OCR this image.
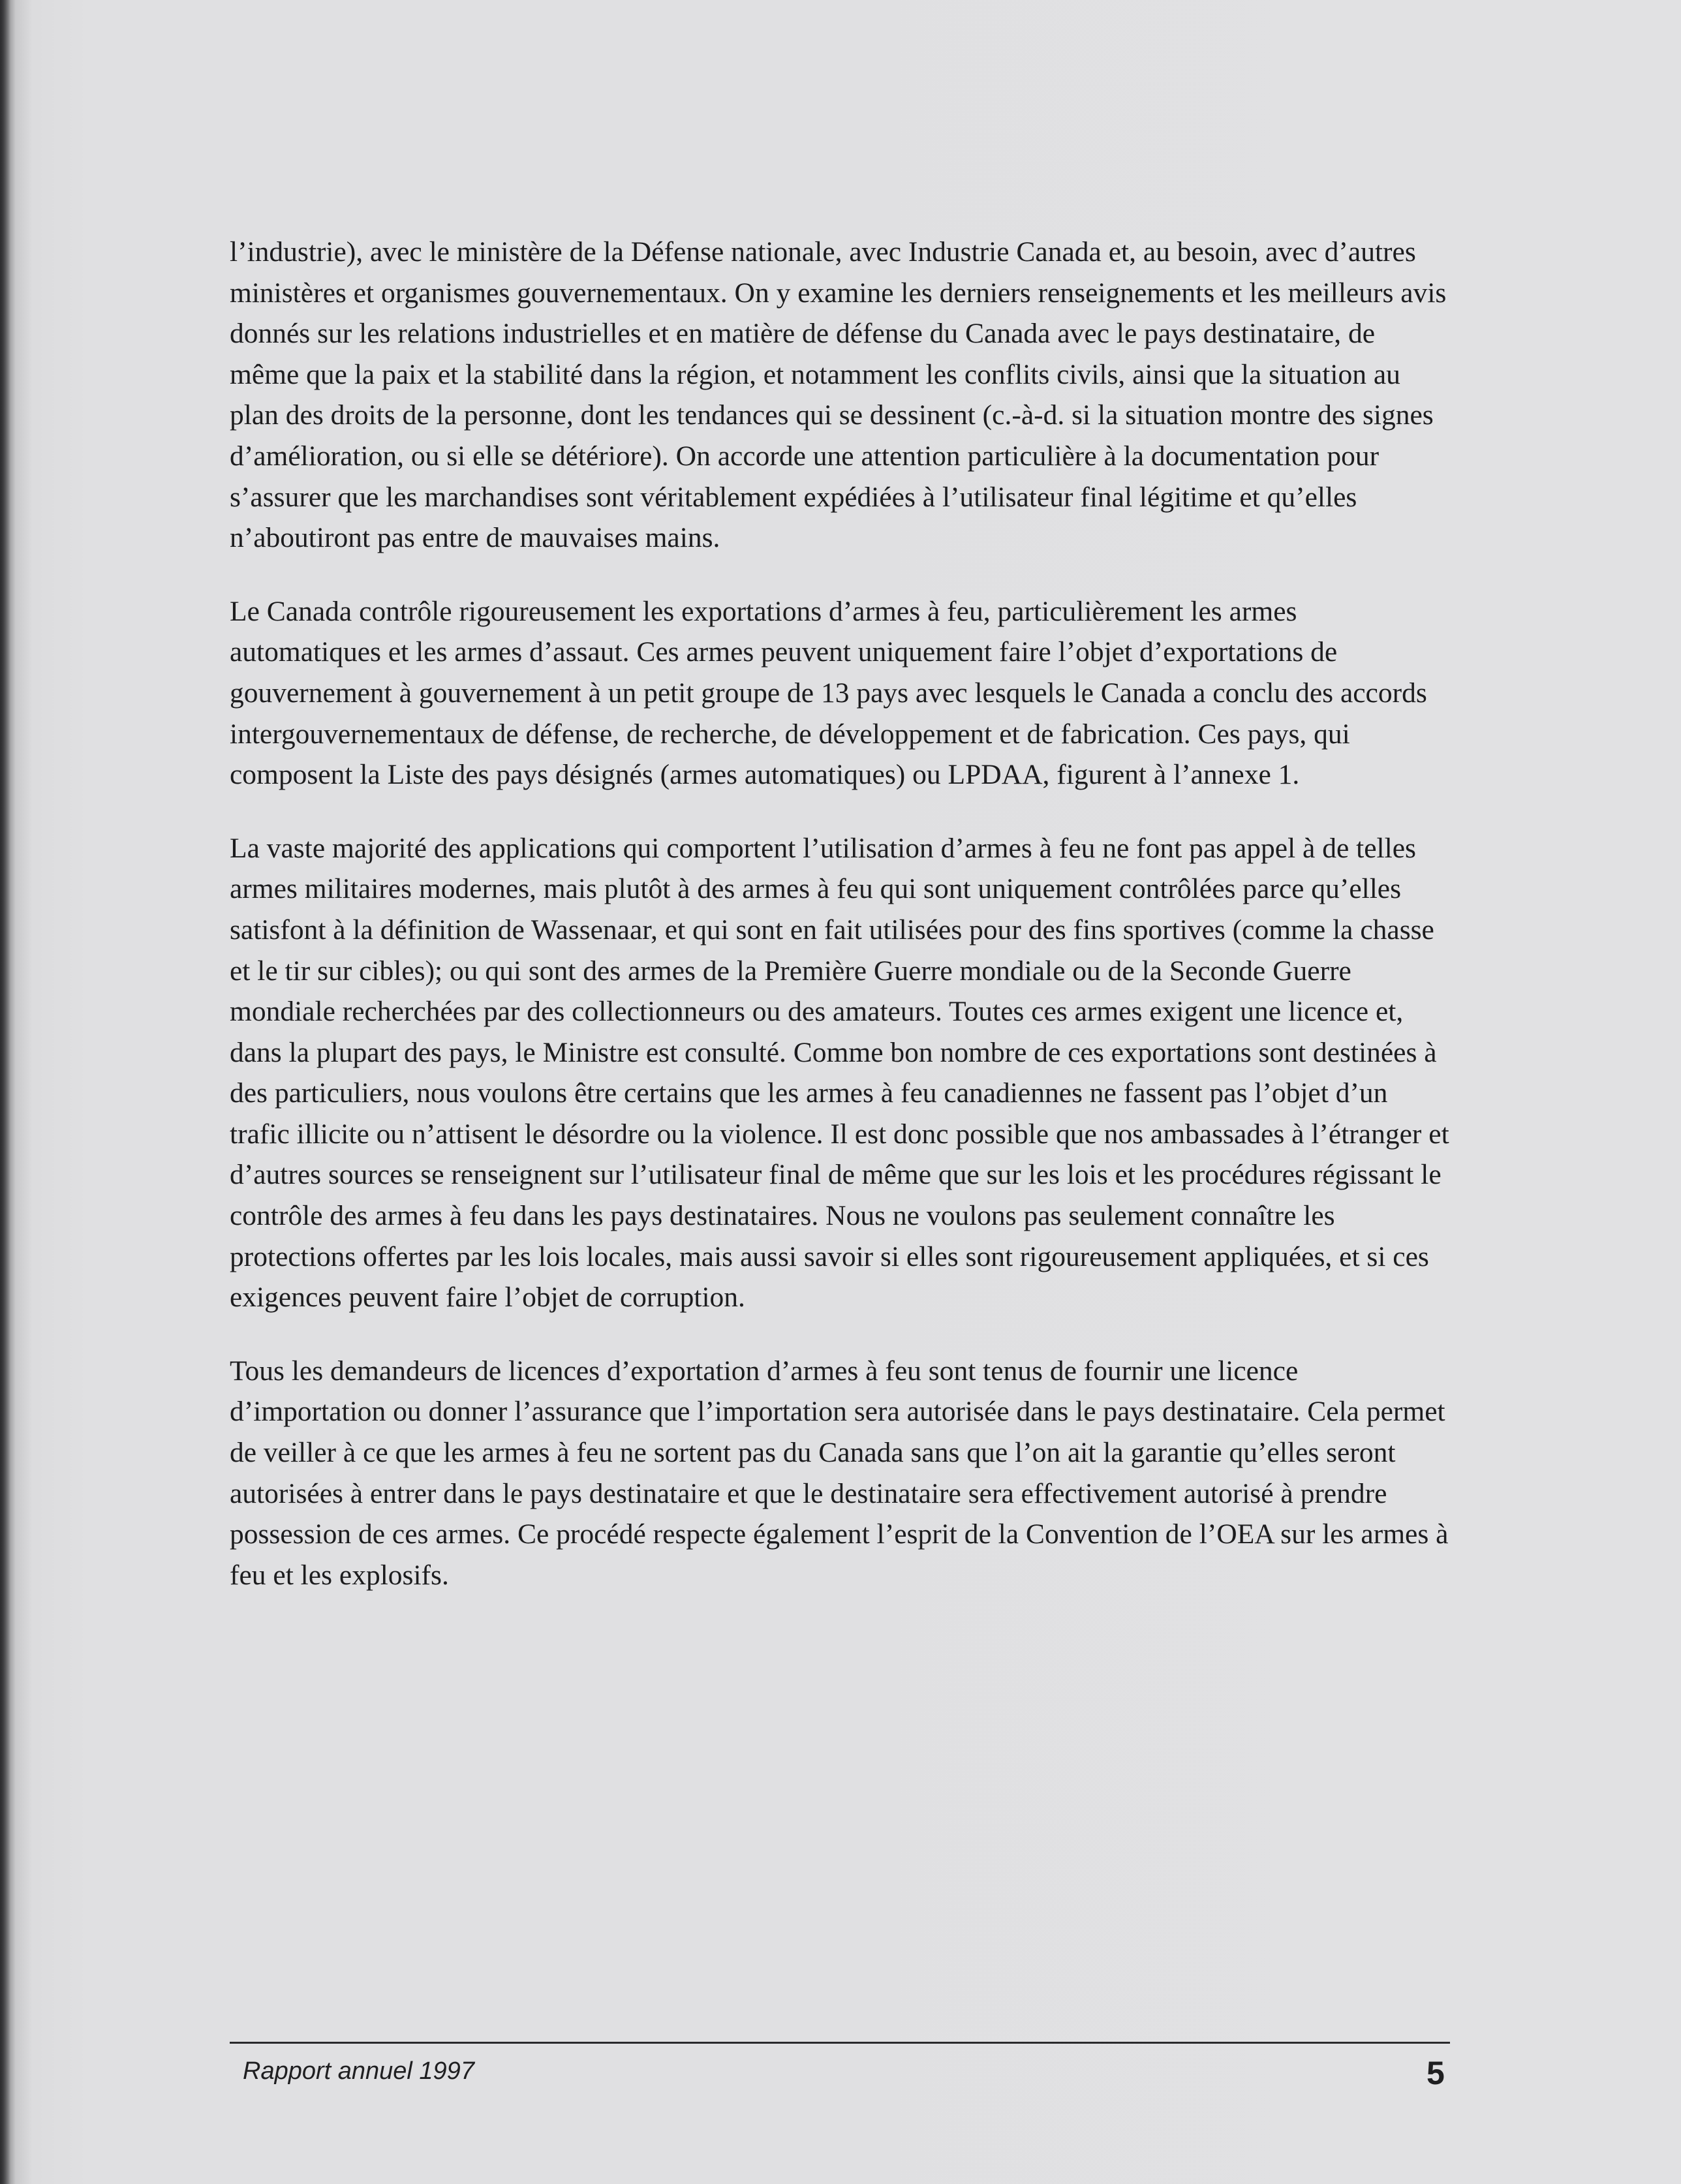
l’industrie), avec le ministère de la Défense nationale, avec Industrie Canada et, au besoin, avec d’autres ministères et organismes gouvernementaux. On y examine les derniers renseignements et les meilleurs avis donnés sur les relations industrielles et en matière de défense du Canada avec le pays destinataire, de même que la paix et la stabilité dans la région, et notamment les conflits civils, ainsi que la situation au plan des droits de la personne, dont les tendances qui se dessinent (c.-à-d. si la situation montre des signes d’amélioration, ou si elle se détériore). On accorde une attention particulière à la documentation pour s’assurer que les marchandises sont véritablement expédiées à l’utilisateur final légitime et qu’elles n’aboutiront pas entre de mauvaises mains.

Le Canada contrôle rigoureusement les exportations d’armes à feu, particulièrement les armes automatiques et les armes d’assaut. Ces armes peuvent uniquement faire l’objet d’exportations de gouvernement à gouvernement à un petit groupe de 13 pays avec lesquels le Canada a conclu des accords intergouvernementaux de défense, de recherche, de développement et de fabrication. Ces pays, qui composent la Liste des pays désignés (armes automatiques) ou LPDAA, figurent à l’annexe 1.

La vaste majorité des applications qui comportent l’utilisation d’armes à feu ne font pas appel à de telles armes militaires modernes, mais plutôt à des armes à feu qui sont uniquement contrôlées parce qu’elles satisfont à la définition de Wassenaar, et qui sont en fait utilisées pour des fins sportives (comme la chasse et le tir sur cibles); ou qui sont des armes de la Première Guerre mondiale ou de la Seconde Guerre mondiale recherchées par des collectionneurs ou des amateurs. Toutes ces armes exigent une licence et, dans la plupart des pays, le Ministre est consulté. Comme bon nombre de ces exportations sont destinées à des particuliers, nous voulons être certains que les armes à feu canadiennes ne fassent pas l’objet d’un trafic illicite ou n’attisent le désordre ou la violence. Il est donc possible que nos ambassades à l’étranger et d’autres sources se renseignent sur l’utilisateur final de même que sur les lois et les procédures régissant le contrôle des armes à feu dans les pays destinataires. Nous ne voulons pas seulement connaître les protections offertes par les lois locales, mais aussi savoir si elles sont rigoureusement appliquées, et si ces exigences peuvent faire l’objet de corruption.

Tous les demandeurs de licences d’exportation d’armes à feu sont tenus de fournir une licence d’importation ou donner l’assurance que l’importation sera autorisée dans le pays destinataire. Cela permet de veiller à ce que les armes à feu ne sortent pas du Canada sans que l’on ait la garantie qu’elles seront autorisées à entrer dans le pays destinataire et que le destinataire sera effectivement autorisé à prendre possession de ces armes. Ce procédé respecte également l’esprit de la Convention de l’OEA sur les armes à feu et les explosifs.

Rapport annuel 1997	5
